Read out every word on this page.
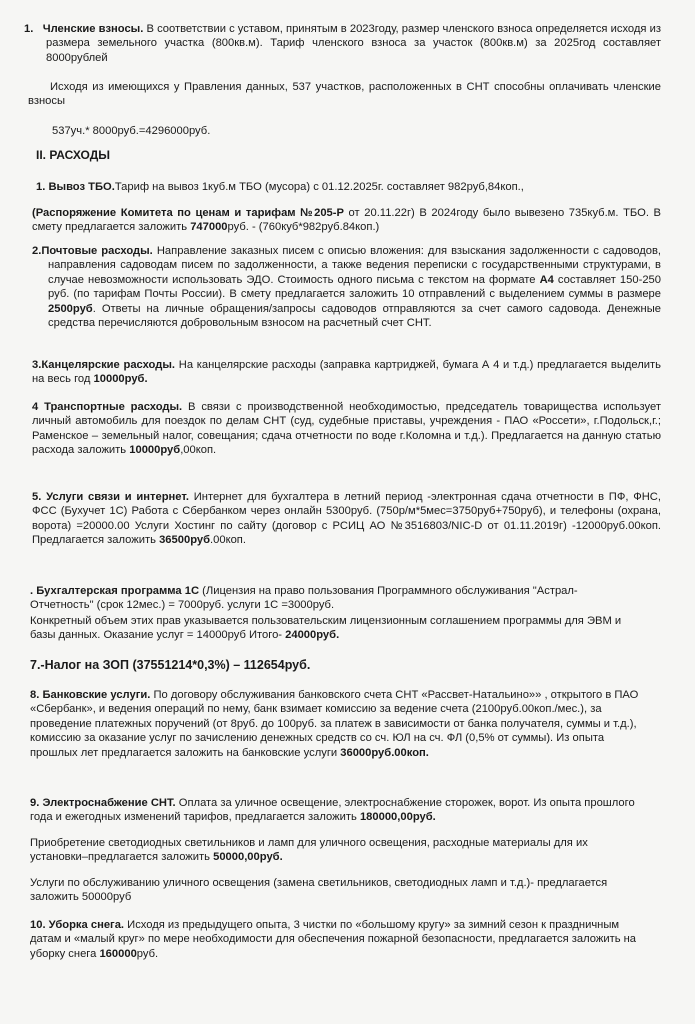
1. Членские взносы. В соответствии с уставом, принятым в 2023году, размер членского взноса определяется исходя из размера земельного участка (800кв.м). Тариф членского взноса за участок (800кв.м) за 2025год составляет 8000рублей

Исходя из имеющихся у Правления данных, 537 участков, расположенных в СНТ способны оплачивать членские взносы

537уч.* 8000руб.=4296000руб.

II. РАСХОДЫ

1. Вывоз ТБО.Тариф на вывоз 1куб.м ТБО (мусора) с 01.12.2025г. составляет 982руб,84коп.,

(Распоряжение Комитета по ценам и тарифам №205-Р от 20.11.22г) В 2024году было вывезено 735куб.м. ТБО. В смету предлагается заложить 747000руб. - (760куб*982руб.84коп.)

2.Почтовые расходы. Направление заказных писем с описью вложения: для взыскания задолженности с садоводов, направления садоводам писем по задолженности, а также ведения переписки с государственными структурами, в случае невозможности использовать ЭДО. Стоимость одного письма с текстом на формате А4 составляет 150-250 руб. (по тарифам Почты России). В смету предлагается заложить 10 отправлений с выделением суммы в размере 2500руб. Ответы на личные обращения/запросы садоводов отправляются за счет самого садовода. Денежные средства перечисляются добровольным взносом на расчетный счет СНТ.

3.Канцелярские расходы. На канцелярские расходы (заправка картриджей, бумага А 4 и т.д.) предлагается выделить на весь год 10000руб.

4 Транспортные расходы. В связи с производственной необходимостью, председатель товарищества использует личный автомобиль для поездок по делам СНТ (суд, судебные приставы, учреждения - ПАО «Россети», г.Подольск,г.; Раменское – земельный налог, совещания; сдача отчетности по воде г.Коломна и т.д.). Предлагается на данную статью расхода заложить 10000руб,00коп.

5. Услуги связи и интернет. Интернет для бухгалтера в летний период -электронная сдача отчетности в ПФ, ФНС, ФСС (Бухучет 1С) Работа с Сбербанком через онлайн 5300руб. (750р/м*5мес=3750руб+750руб), и телефоны (охрана, ворота) =20000.00 Услуги Хостинг по сайту (договор с РСИЦ АО №3516803/NIC-D от 01.11.2019г) -12000руб.00коп. Предлагается заложить 36500руб.00коп.

. Бухгалтерская программа 1С (Лицензия на право пользования Программного обслуживания "Астрал-Отчетность" (срок 12мес.) = 7000руб. услуги 1С =3000руб.

Конкретный объем этих прав указывается пользовательским лицензионным соглашением программы для ЭВМ и базы данных. Оказание услуг = 14000руб Итого- 24000руб.

7.-Налог на ЗОП (37551214*0,3%) – 112654руб.

8. Банковские услуги. По договору обслуживания банковского счета СНТ «Рассвет-Натальино»» , открытого в ПАО «Сбербанк», и ведения операций по нему, банк взимает комиссию за ведение счета (2100руб.00коп./мес.), за проведение платежных поручений (от 8руб. до 100руб. за платеж в зависимости от банка получателя, суммы и т.д.), комиссию за оказание услуг по зачислению денежных средств со сч. ЮЛ на сч. ФЛ (0,5% от суммы). Из опыта прошлых лет предлагается заложить на банковские услуги 36000руб.00коп.

9. Электроснабжение СНТ. Оплата за уличное освещение, электроснабжение сторожек, ворот. Из опыта прошлого года и ежегодных изменений тарифов, предлагается заложить 180000,00руб.

Приобретение светодиодных светильников и ламп для уличного освещения, расходные материалы для их установки–предлагается заложить 50000,00руб.

Услуги по обслуживанию уличного освещения (замена светильников, светодиодных ламп и т.д.)- предлагается заложить 50000руб

10. Уборка снега. Исходя из предыдущего опыта, 3 чистки по «большому кругу» за зимний сезон к праздничным датам и «малый круг» по мере необходимости для обеспечения пожарной безопасности, предлагается заложить на уборку снега 160000руб.
